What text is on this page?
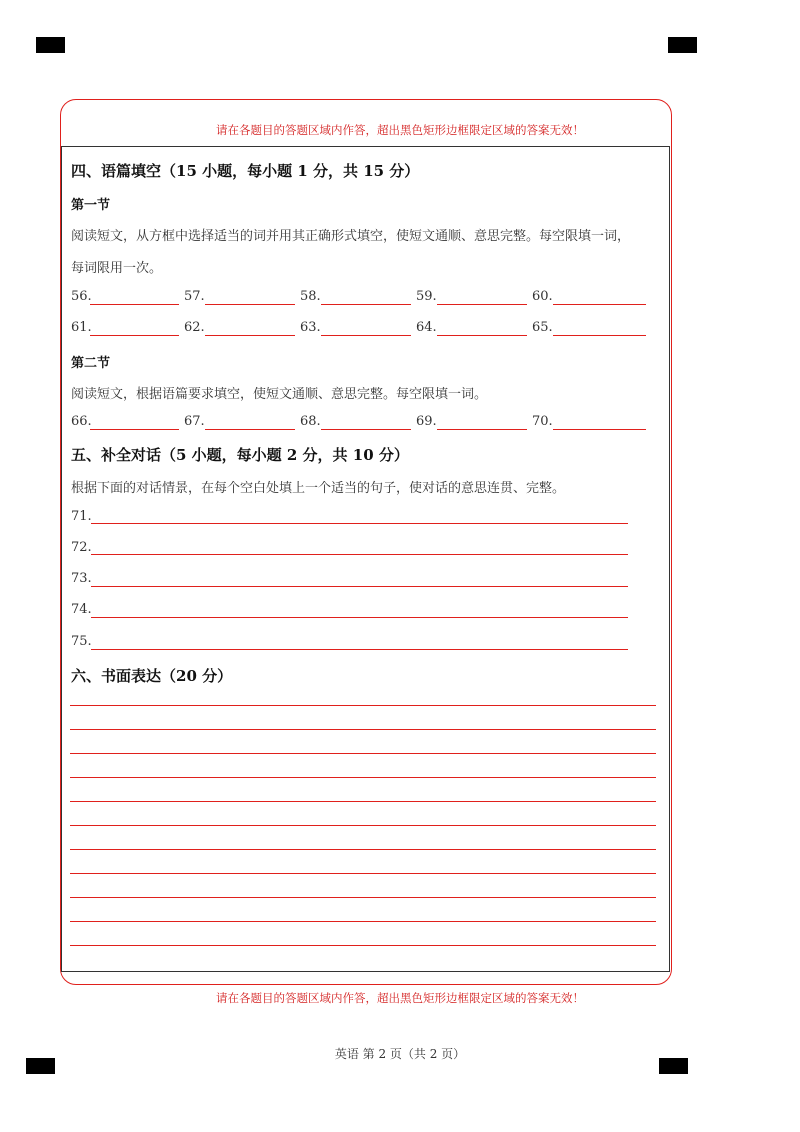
请在各题目的答题区域内作答，超出黑色矩形边框限定区域的答案无效！
四、语篇填空（15 小题，每小题 1 分，共 15 分）
第一节
阅读短文，从方框中选择适当的词并用其正确形式填空，使短文通顺、意思完整。每空限填一词，
每词限用一次。
56.	57.	58.	59.	60.
61.	62.	63.	64.	65.
第二节
阅读短文，根据语篇要求填空，使短文通顺、意思完整。每空限填一词。
66.	67.	68.	69.	70.
五、补全对话（5 小题，每小题 2 分，共 10 分）
根据下面的对话情景，在每个空白处填上一个适当的句子，使对话的意思连贯、完整。
71.
72.
73.
74.
75.
六、书面表达（20 分）
请在各题目的答题区域内作答，超出黑色矩形边框限定区域的答案无效！
英语 第 2 页（共 2 页）
